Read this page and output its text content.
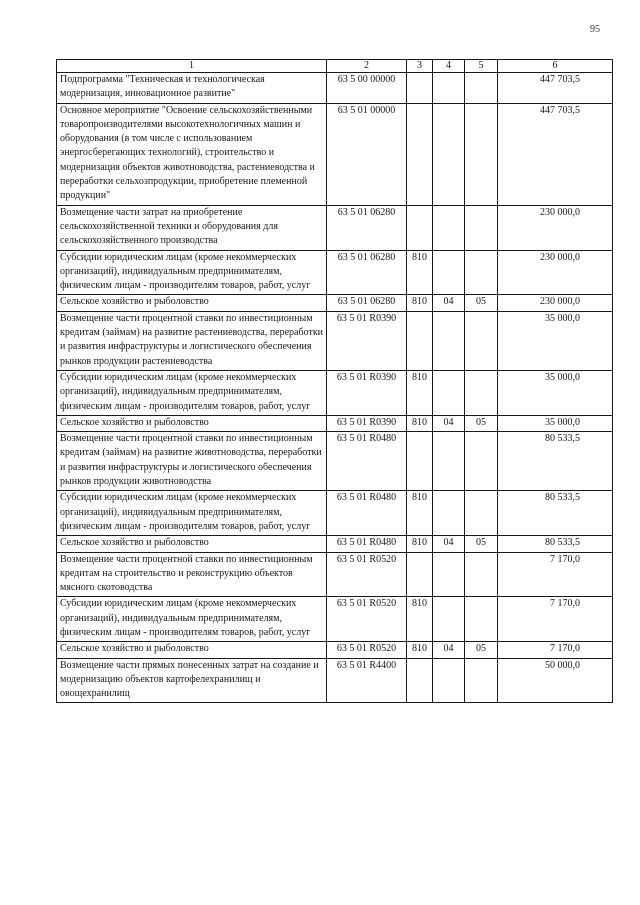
95
1	2	3	4	5	6
Подпрограмма "Техническая и технологическая модернизация, инновационное развитие"	63 5 00 00000				447 703,5
Основное мероприятие "Освоение сельскохозяйственными товаропроизводителями высокотехнологичных машин и оборудования (в том числе с использованием энергосберегающих технологий), строительство и модернизация объектов животноводства, растениеводства и переработки сельхозпродукции, приобретение племенной продукции"	63 5 01 00000				447 703,5
Возмещение части затрат на приобретение сельскохозяйственной техники и оборудования для сельскохозяйственного производства	63 5 01 06280				230 000,0
Субсидии юридическим лицам (кроме некоммерческих организаций), индивидуальным предпринимателям, физическим лицам - производителям товаров, работ, услуг	63 5 01 06280	810			230 000,0
Сельское хозяйство и рыболовство	63 5 01 06280	810	04	05	230 000,0
Возмещение части процентной ставки по инвестиционным кредитам (займам) на развитие растениеводства, переработки и развития инфраструктуры и логистического обеспечения рынков продукции растениеводства	63 5 01 R0390				35 000,0
Субсидии юридическим лицам (кроме некоммерческих организаций), индивидуальным предпринимателям, физическим лицам - производителям товаров, работ, услуг	63 5 01 R0390	810			35 000,0
Сельское хозяйство и рыболовство	63 5 01 R0390	810	04	05	35 000,0
Возмещение части процентной ставки по инвестиционным кредитам (займам) на развитие животноводства, переработки и развития инфраструктуры и логистического обеспечения рынков продукции животноводства	63 5 01 R0480				80 533,5
Субсидии юридическим лицам (кроме некоммерческих организаций), индивидуальным предпринимателям, физическим лицам - производителям товаров, работ, услуг	63 5 01 R0480	810			80 533,5
Сельское хозяйство и рыболовство	63 5 01 R0480	810	04	05	80 533,5
Возмещение части процентной ставки по инвестиционным кредитам на строительство и реконструкцию объектов мясного скотоводства	63 5 01 R0520				7 170,0
Субсидии юридическим лицам (кроме некоммерческих организаций), индивидуальным предпринимателям, физическим лицам - производителям товаров, работ, услуг	63 5 01 R0520	810			7 170,0
Сельское хозяйство и рыболовство	63 5 01 R0520	810	04	05	7 170,0
Возмещение части прямых понесенных затрат на создание и модернизацию объектов картофелехранилищ и овощехранилищ	63 5 01 R4400				50 000,0
